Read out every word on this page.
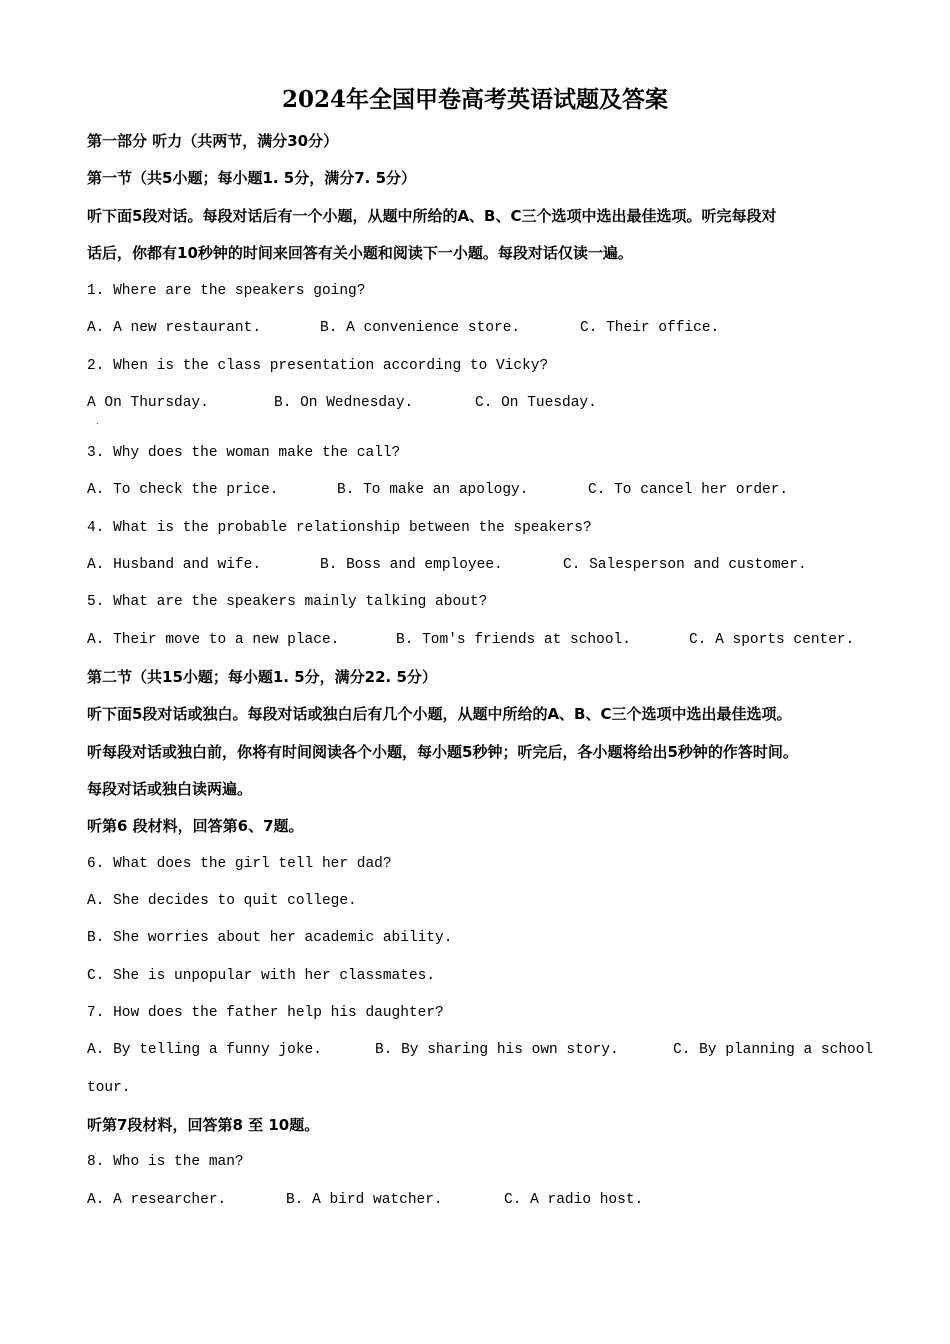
2024年全国甲卷高考英语试题及答案
第一部分 听力（共两节，满分30分）
第一节（共5小题；每小题1. 5分，满分7. 5分）
听下面5段对话。每段对话后有一个小题，从题中所给的A、B、C三个选项中选出最佳选项。听完每段对
话后，你都有10秒钟的时间来回答有关小题和阅读下一小题。每段对话仅读一遍。
1. Where are the speakers going?

A. A new restaurant.

	B. A convenience store.

	C. Their office.

2. When is the class presentation according to Vicky?

A On Thursday.

	B. On Wednesday.

	C. On Tuesday.

.
3. Why does the woman make the call?

A. To check the price.

	B. To make an apology.

	C. To cancel her order.

4. What is the probable relationship between the speakers?

A. Husband and wife.

	B. Boss and employee.

	C. Salesperson and customer.

5. What are the speakers mainly talking about?

A. Their move to a new place.

	B. Tom's friends at school.

	C. A sports center.

第二节（共15小题；每小题1. 5分，满分22. 5分）
听下面5段对话或独白。每段对话或独白后有几个小题，从题中所给的A、B、C三个选项中选出最佳选项。
听每段对话或独白前，你将有时间阅读各个小题，每小题5秒钟；听完后，各小题将给出5秒钟的作答时间。
每段对话或独白读两遍。
听第6 段材料，回答第6、7题。
6. What does the girl tell her dad?
A. She decides to quit college.
B. She worries about her academic ability.
C. She is unpopular with her classmates.
7. How does the father help his daughter?

A. By telling a funny joke.

	B. By sharing his own story.

	C. By planning a school

tour.
听第7段材料，回答第8 至 10题。
8. Who is the man?

A. A researcher.

	B. A bird watcher.

	C. A radio host.
